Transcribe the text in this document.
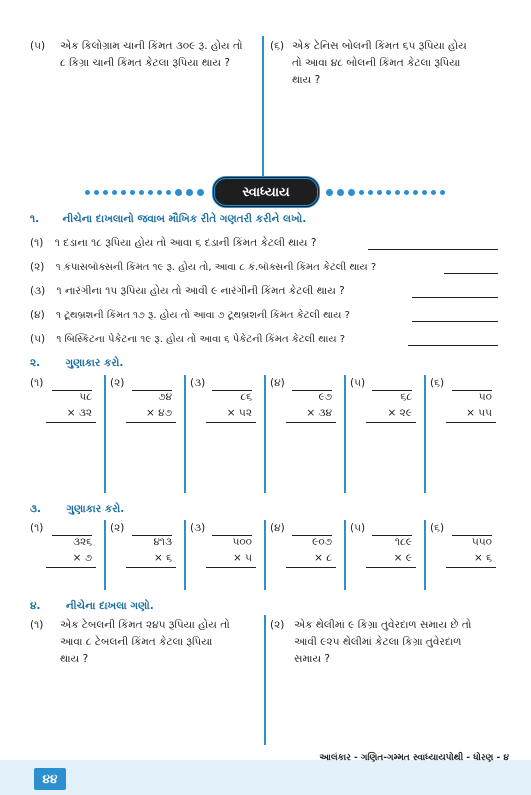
(૫) એક કિલોગ્રામ ચાની કિંમત ૩૦૯ રૂ. હોય તો
૮ કિગ્રા ચાની કિંમત કેટલા રૂપિયા થાય ?
(૬) એક ટેનિસ બોલની કિંમત ૬૫ રૂપિયા હોય
તો આવા ૪૮ બોલની કિંમત કેટલા રૂપિયા
થાય ?
સ્વાધ્યાય
૧. નીચેના દાખલાનો જવાબ મૌખિક રીતે ગણતરી કરીને લખો.
(૧) ૧ દડાના ૧૮ રૂપિયા હોય તો આવા ૬ દડાની કિંમત કેટલી થાય ?
(૨) ૧ કંપાસબૉક્સની કિંમત ૧૯ રૂ. હોય તો, આવા ૮ કં.બૉક્સની કિંમત કેટલી થાય ?
(૩) ૧ નારંગીના ૧૫ રૂપિયા હોય તો આવી ૯ નારંગીની કિંમત કેટલી થાય ?
(૪) ૧ ટૂથબ્રશની કિંમત ૧૭ રૂ. હોય તો આવા ૭ ટૂથબ્રશની કિંમત કેટલી થાય ?
(૫) ૧ બિસ્કિટના પેકેટના ૧૯ રૂ. હોય તો આવા ૬ પેકેટની કિંમત કેટલી થાય ?
૨. ગુણાકાર કરો.
(૧)
૫૮
× ૩૨
(૨)
૭૪
× ૪૭
(૩)
૮૬
× ૫૨
(૪)
૯૭
× ૩૪
(૫)
૬૮
× ૨૯
(૬)
૫૦
× ૫૫
૩. ગુણાકાર કરો.
(૧)
૩૨૬
× ૭
(૨)
૪૧૩
× ૬
(૩)
૫૦૦
× ૫
(૪)
૯૦૭
× ૮
(૫)
૧૮૯
× ૯
(૬)
૫૫૦
× ૬
૪. નીચેના દાખલા ગણો.
(૧) એક ટેબલની કિંમત ૨૪૫ રૂપિયા હોય તો
આવા ૮ ટેબલની કિંમત કેટલા રૂપિયા
થાય ?
(૨) એક થેલીમાં ૯ કિગ્રા તુવેરદાળ સમાય છે તો
આવી ૯૨૫ થેલીમાં કેટલા કિગ્રા તુવેરદાળ
સમાય ?
૪૪
આલંકાર - ગણિત-ગમ્મત સ્વાધ્યાયપોથી - ધોરણ - ૪
